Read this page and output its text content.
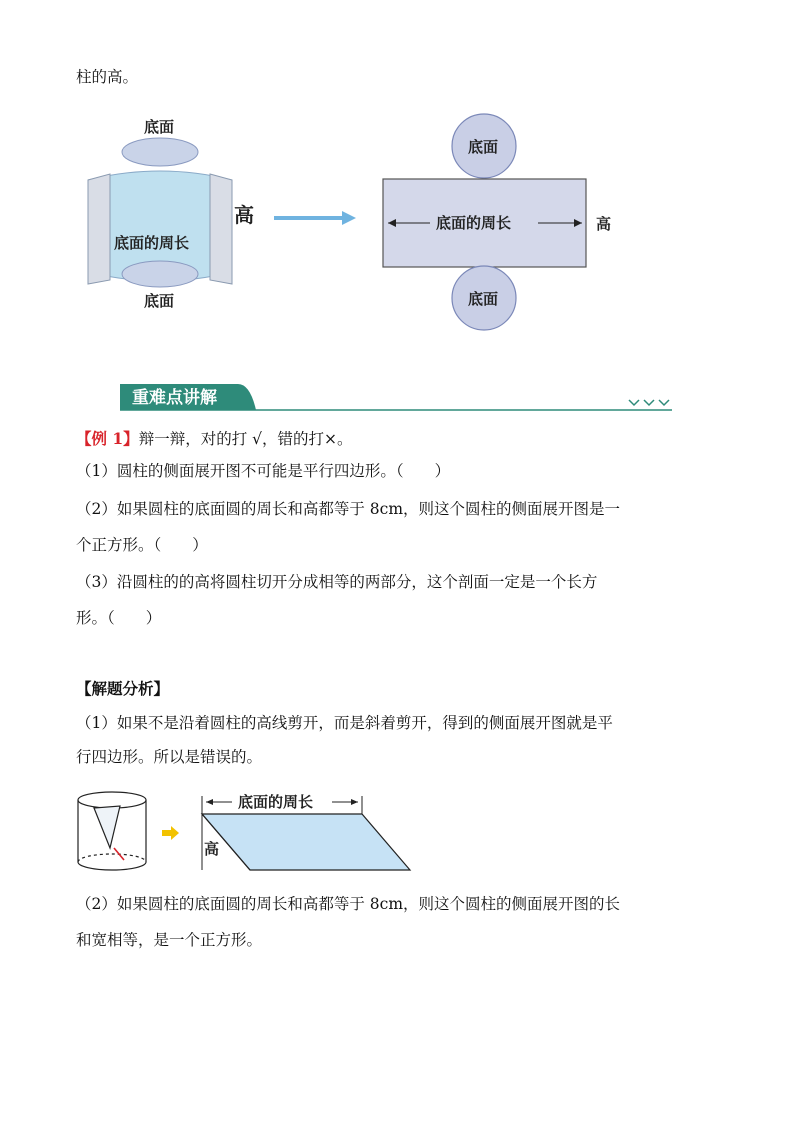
柱的高。
底面
底面的周长
底面
高
底面
底面
底面的周长	高
重难点讲解
【例 1】辩一辩，对的打 √，错的打×。
（1）圆柱的侧面展开图不可能是平行四边形。（　　）
（2）如果圆柱的底面圆的周长和高都等于 8cm，则这个圆柱的侧面展开图是一
个正方形。（　　）
（3）沿圆柱的的高将圆柱切开分成相等的两部分，这个剖面一定是一个长方
形。（　　）
【解题分析】
（1）如果不是沿着圆柱的高线剪开，而是斜着剪开，得到的侧面展开图就是平
行四边形。所以是错误的。
底面的周长
高
（2）如果圆柱的底面圆的周长和高都等于 8cm，则这个圆柱的侧面展开图的长
和宽相等，是一个正方形。
